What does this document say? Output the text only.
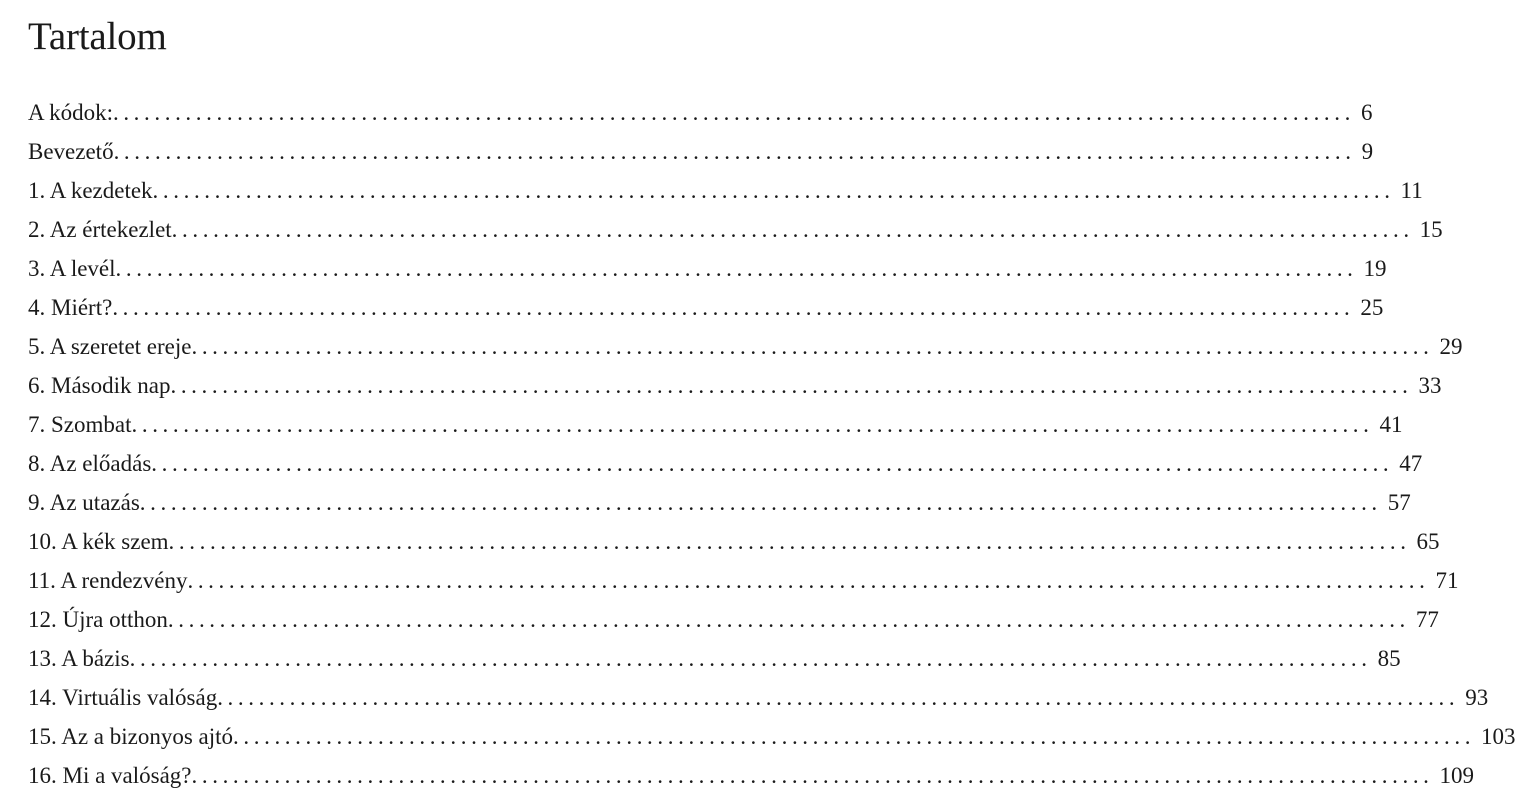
Tartalom
A kódok: ........................................................................................................................ 6
Bevezető ........................................................................................................................ 9
1. A kezdetek ........................................................................................................................ 11
2. Az értekezlet ........................................................................................................................ 15
3. A levél ........................................................................................................................ 19
4. Miért? ........................................................................................................................ 25
5. A szeretet ereje ........................................................................................................................ 29
6. Második nap ........................................................................................................................ 33
7. Szombat ........................................................................................................................ 41
8. Az előadás ........................................................................................................................ 47
9. Az utazás ........................................................................................................................ 57
10. A kék szem ........................................................................................................................ 65
11. A rendezvény ........................................................................................................................ 71
12. Újra otthon ........................................................................................................................ 77
13. A bázis ........................................................................................................................ 85
14. Virtuális valóság ........................................................................................................................ 93
15. Az a bizonyos ajtó ........................................................................................................................ 103
16. Mi a valóság? ........................................................................................................................ 109
